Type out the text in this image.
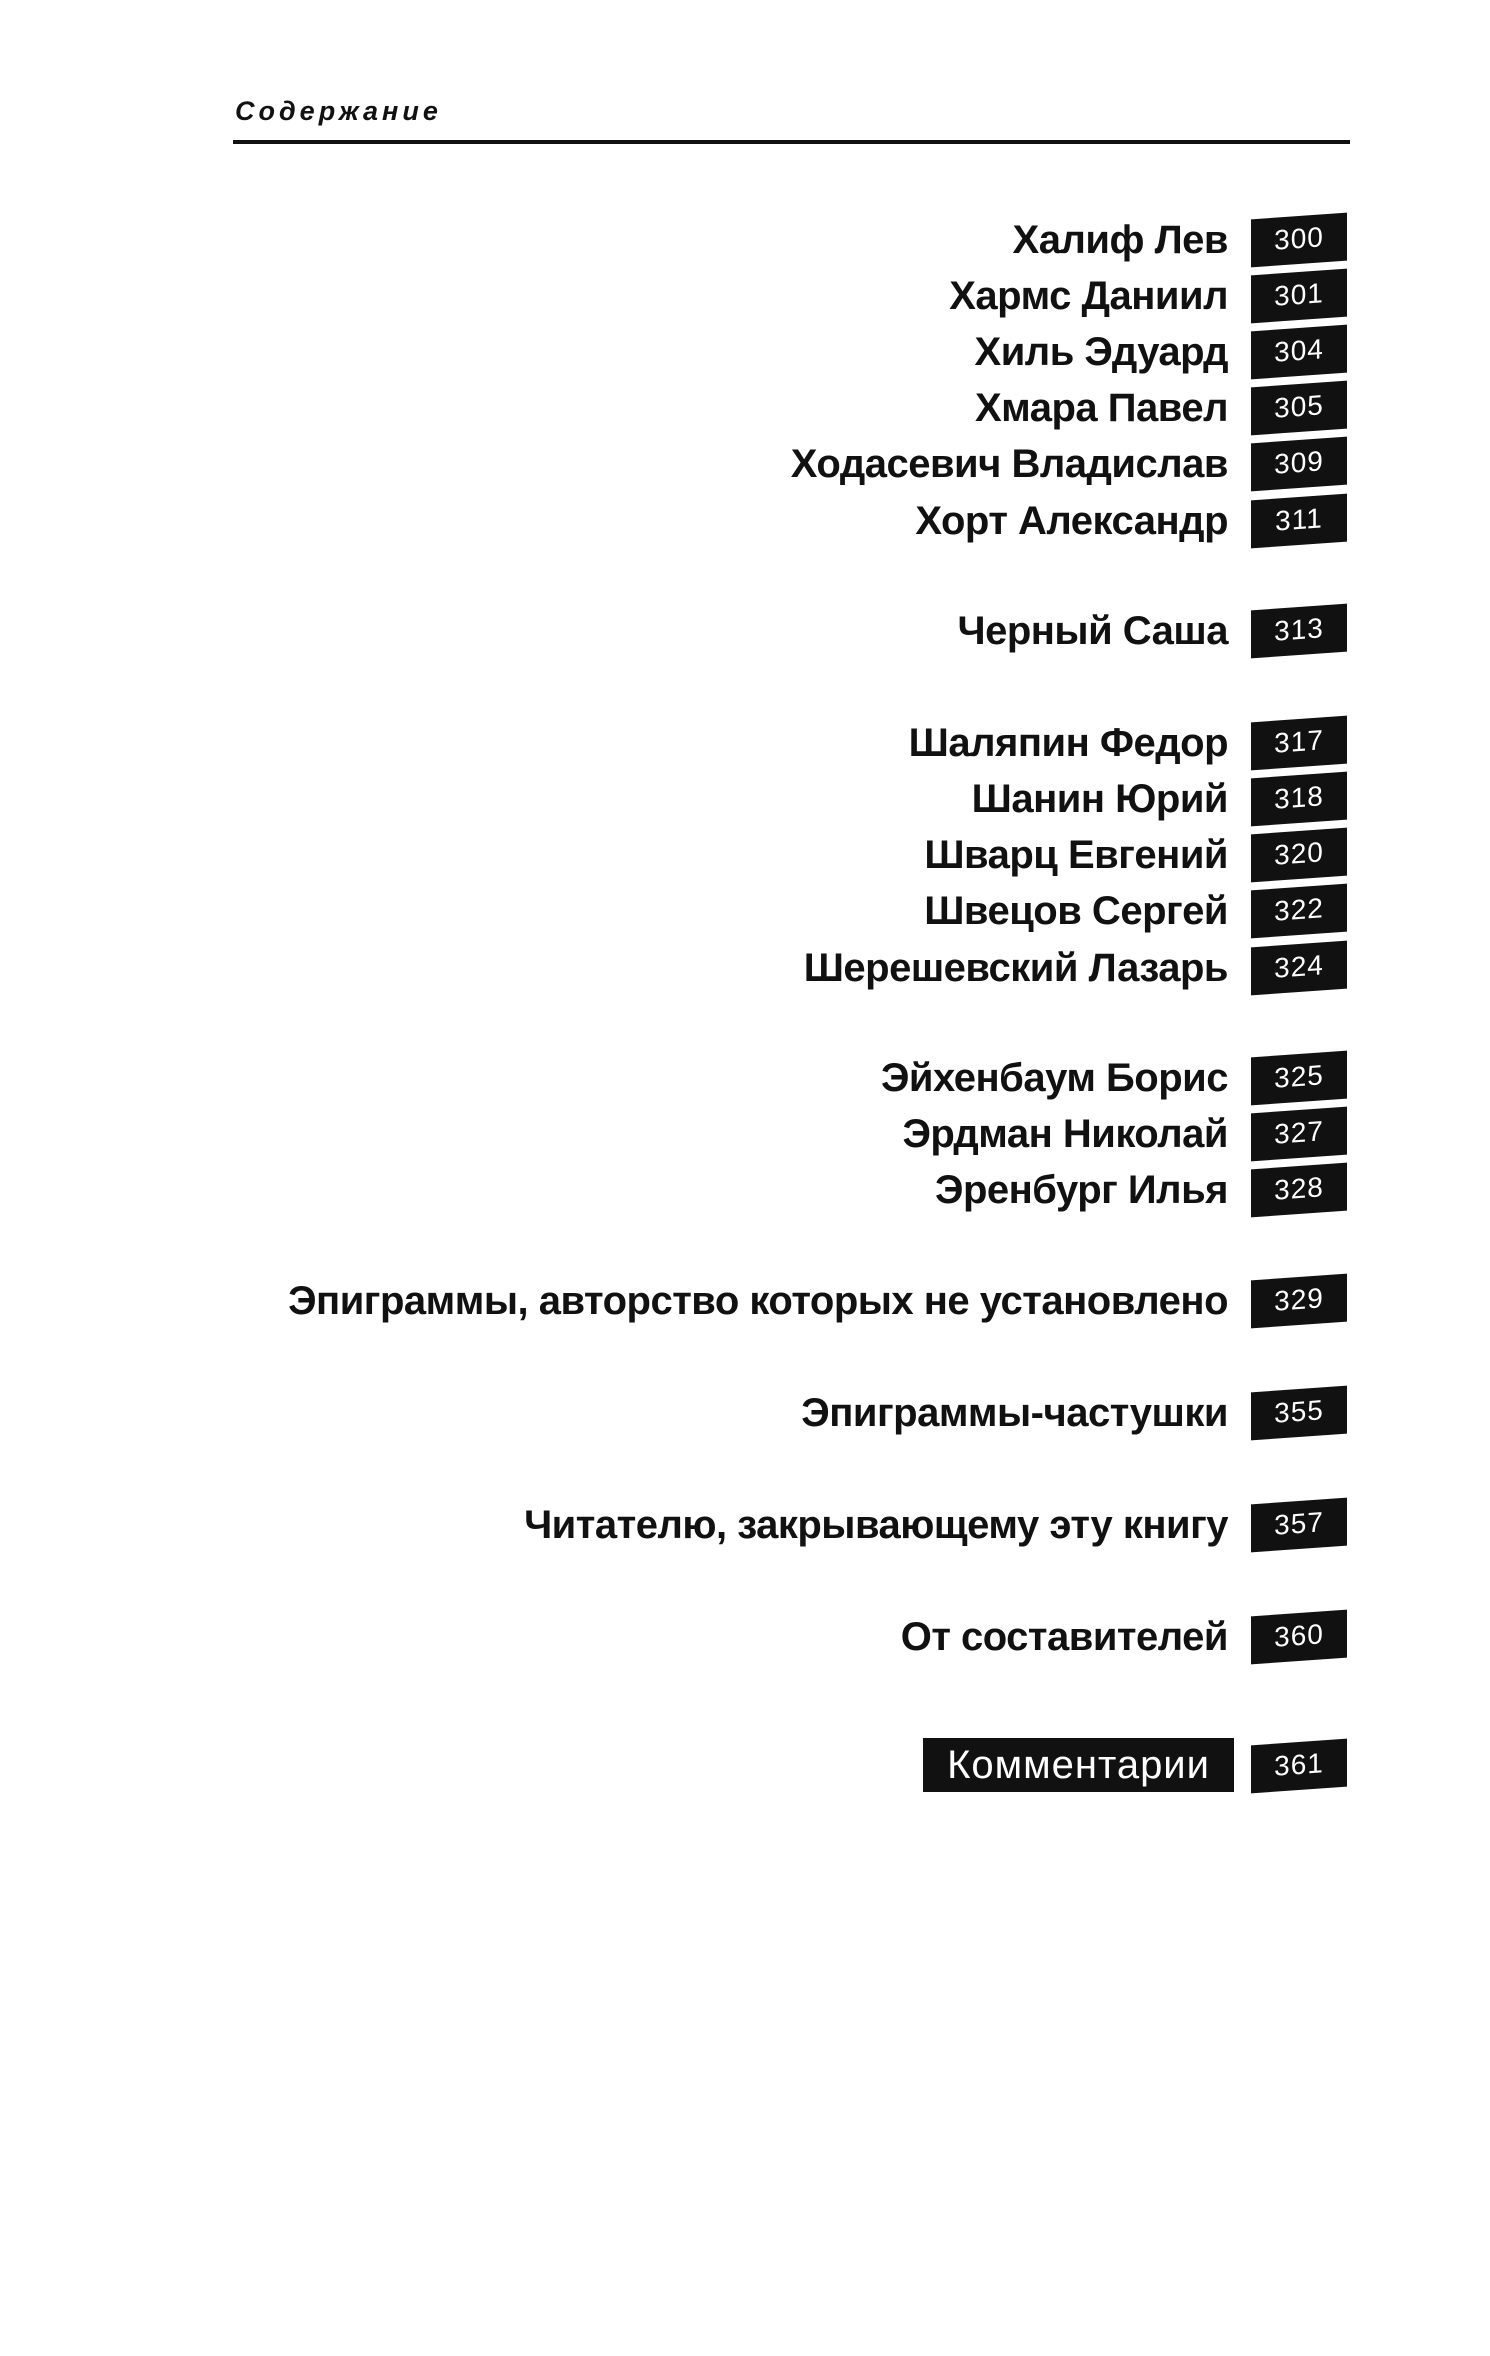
Содержание
Халиф Лев	300
Хармс Даниил	301
Хиль Эдуард	304
Хмара Павел	305
Ходасевич Владислав	309
Хорт Александр	311
Черный Саша	313
Шаляпин Федор	317
Шанин Юрий	318
Шварц Евгений	320
Швецов Сергей	322
Шерешевский Лазарь	324
Эйхенбаум Борис	325
Эрдман Николай	327
Эренбург Илья	328
Эпиграммы, авторство которых не установлено	329
Эпиграммы-частушки	355
Читателю, закрывающему эту книгу	357
От составителей	360
Комментарии	361
